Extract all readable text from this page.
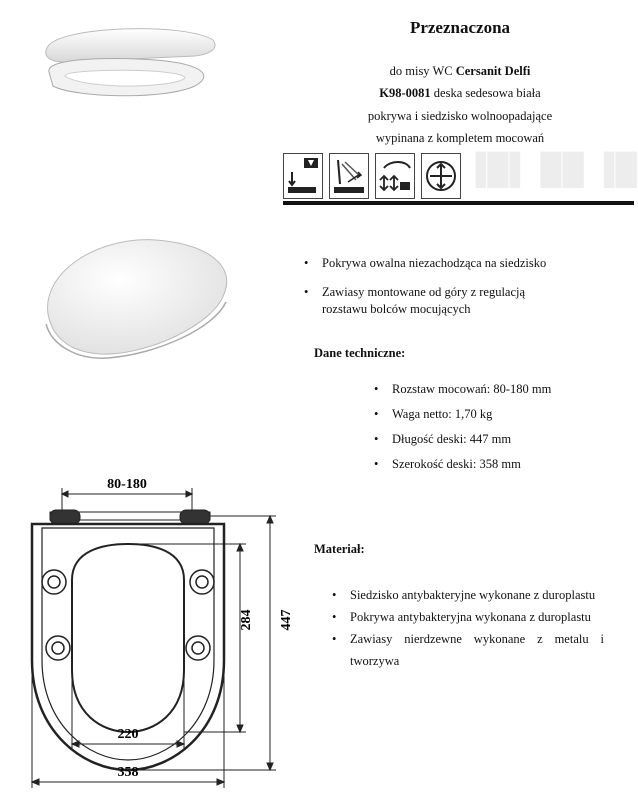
Przeznaczona
do misy WC Cersanit Delfi
K98-0081 deska sedesowa biała
pokrywa i siedzisko wolnoopadające
wypinana z kompletem mocowań
▐█▌ ██ ▐█
• Pokrywa owalna niezachodząca na siedzisko
• Zawiasy montowane od góry z regulacją
rozstawu bolców mocujących
Dane techniczne:
• Rozstaw mocowań: 80-180 mm
• Waga netto: 1,70 kg
• Długość deski: 447 mm
• Szerokość deski: 358 mm
80-180
284 447
220
358
Materiał:
• Siedzisko antybakteryjne wykonane z duroplastu
• Pokrywa antybakteryjna wykonana z duroplastu
• Zawiasy nierdzewne wykonane z metalu i tworzywa
